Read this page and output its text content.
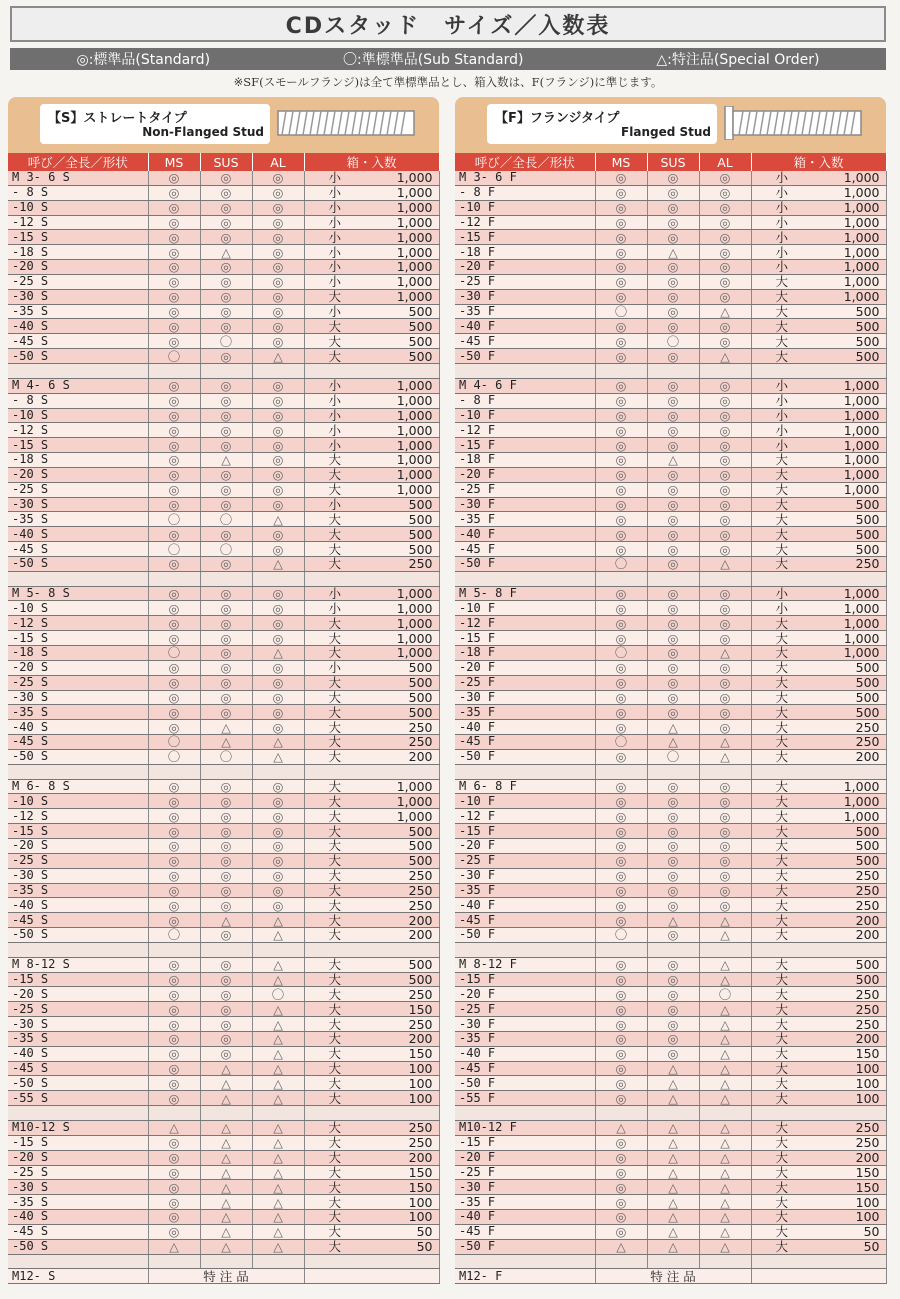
CDスタッド　サイズ／入数表
◎:標準品(Standard)	〇:準標準品(Sub Standard)	△:特注品(Special Order)
※SF(スモールフランジ)は全て準標準品とし、箱入数は、F(フランジ)に準じます。
【S】ストレートタイプ
Non-Flanged Stud
呼び／全長／形状	MS	SUS	AL	箱・入数
M 3- 6 S	◎	◎	◎	小 1,000
- 8 S	◎	◎	◎	小 1,000
-10 S	◎	◎	◎	小 1,000
-12 S	◎	◎	◎	小 1,000
-15 S	◎	◎	◎	小 1,000
-18 S	◎	△	◎	小 1,000
-20 S	◎	◎	◎	小 1,000
-25 S	◎	◎	◎	小 1,000
-30 S	◎	◎	◎	大 1,000
-35 S	◎	◎	◎	小 500
-40 S	◎	◎	◎	大 500
-45 S	◎	〇	◎	大 500
-50 S	〇	◎	△	大 500

M 4- 6 S	◎	◎	◎	小 1,000
- 8 S	◎	◎	◎	小 1,000
-10 S	◎	◎	◎	小 1,000
-12 S	◎	◎	◎	小 1,000
-15 S	◎	◎	◎	小 1,000
-18 S	◎	△	◎	大 1,000
-20 S	◎	◎	◎	大 1,000
-25 S	◎	◎	◎	大 1,000
-30 S	◎	◎	◎	小 500
-35 S	〇	〇	△	大 500
-40 S	◎	◎	◎	大 500
-45 S	〇	〇	◎	大 500
-50 S	◎	◎	△	大 250

M 5- 8 S	◎	◎	◎	小 1,000
-10 S	◎	◎	◎	小 1,000
-12 S	◎	◎	◎	大 1,000
-15 S	◎	◎	◎	大 1,000
-18 S	〇	◎	△	大 1,000
-20 S	◎	◎	◎	小 500
-25 S	◎	◎	◎	大 500
-30 S	◎	◎	◎	大 500
-35 S	◎	◎	◎	大 500
-40 S	◎	△	◎	大 250
-45 S	〇	△	△	大 250
-50 S	〇	〇	△	大 200

M 6- 8 S	◎	◎	◎	大 1,000
-10 S	◎	◎	◎	大 1,000
-12 S	◎	◎	◎	大 1,000
-15 S	◎	◎	◎	大 500
-20 S	◎	◎	◎	大 500
-25 S	◎	◎	◎	大 500
-30 S	◎	◎	◎	大 250
-35 S	◎	◎	◎	大 250
-40 S	◎	◎	◎	大 250
-45 S	◎	△	△	大 200
-50 S	〇	◎	△	大 200

M 8-12 S	◎	◎	△	大 500
-15 S	◎	◎	△	大 500
-20 S	◎	◎	〇	大 250
-25 S	◎	◎	△	大 150
-30 S	◎	◎	△	大 250
-35 S	◎	◎	△	大 200
-40 S	◎	◎	△	大 150
-45 S	◎	△	△	大 100
-50 S	◎	△	△	大 100
-55 S	◎	△	△	大 100

M10-12 S	△	△	△	大 250
-15 S	◎	△	△	大 250
-20 S	◎	△	△	大 200
-25 S	◎	△	△	大 150
-30 S	◎	△	△	大 150
-35 S	◎	△	△	大 100
-40 S	◎	△	△	大 100
-45 S	◎	△	△	大 50
-50 S	△	△	△	大 50

M12- S	特 注 品			
【F】フランジタイプ
Flanged Stud
呼び／全長／形状	MS	SUS	AL	箱・入数
M 3- 6 F	◎	◎	◎	小 1,000
- 8 F	◎	◎	◎	小 1,000
-10 F	◎	◎	◎	小 1,000
-12 F	◎	◎	◎	小 1,000
-15 F	◎	◎	◎	小 1,000
-18 F	◎	△	◎	小 1,000
-20 F	◎	◎	◎	小 1,000
-25 F	◎	◎	◎	大 1,000
-30 F	◎	◎	◎	大 1,000
-35 F	〇	◎	△	大 500
-40 F	◎	◎	◎	大 500
-45 F	◎	〇	◎	大 500
-50 F	◎	◎	△	大 500

M 4- 6 F	◎	◎	◎	小 1,000
- 8 F	◎	◎	◎	小 1,000
-10 F	◎	◎	◎	小 1,000
-12 F	◎	◎	◎	小 1,000
-15 F	◎	◎	◎	小 1,000
-18 F	◎	△	◎	大 1,000
-20 F	◎	◎	◎	大 1,000
-25 F	◎	◎	◎	大 1,000
-30 F	◎	◎	◎	大 500
-35 F	◎	◎	◎	大 500
-40 F	◎	◎	◎	大 500
-45 F	◎	◎	◎	大 500
-50 F	〇	◎	△	大 250

M 5- 8 F	◎	◎	◎	小 1,000
-10 F	◎	◎	◎	小 1,000
-12 F	◎	◎	◎	大 1,000
-15 F	◎	◎	◎	大 1,000
-18 F	〇	◎	△	大 1,000
-20 F	◎	◎	◎	大 500
-25 F	◎	◎	◎	大 500
-30 F	◎	◎	◎	大 500
-35 F	◎	◎	◎	大 500
-40 F	◎	△	◎	大 250
-45 F	〇	△	△	大 250
-50 F	◎	〇	△	大 200

M 6- 8 F	◎	◎	◎	大 1,000
-10 F	◎	◎	◎	大 1,000
-12 F	◎	◎	◎	大 1,000
-15 F	◎	◎	◎	大 500
-20 F	◎	◎	◎	大 500
-25 F	◎	◎	◎	大 500
-30 F	◎	◎	◎	大 250
-35 F	◎	◎	◎	大 250
-40 F	◎	◎	◎	大 250
-45 F	◎	△	△	大 200
-50 F	〇	◎	△	大 200

M 8-12 F	◎	◎	△	大 500
-15 F	◎	◎	△	大 500
-20 F	◎	◎	〇	大 250
-25 F	◎	◎	△	大 250
-30 F	◎	◎	△	大 250
-35 F	◎	◎	△	大 200
-40 F	◎	◎	△	大 150
-45 F	◎	△	△	大 100
-50 F	◎	△	△	大 100
-55 F	◎	△	△	大 100

M10-12 F	△	△	△	大 250
-15 F	◎	△	△	大 250
-20 F	◎	△	△	大 200
-25 F	◎	△	△	大 150
-30 F	◎	△	△	大 150
-35 F	◎	△	△	大 100
-40 F	◎	△	△	大 100
-45 F	◎	△	△	大 50
-50 F	△	△	△	大 50

M12- F	特 注 品			
